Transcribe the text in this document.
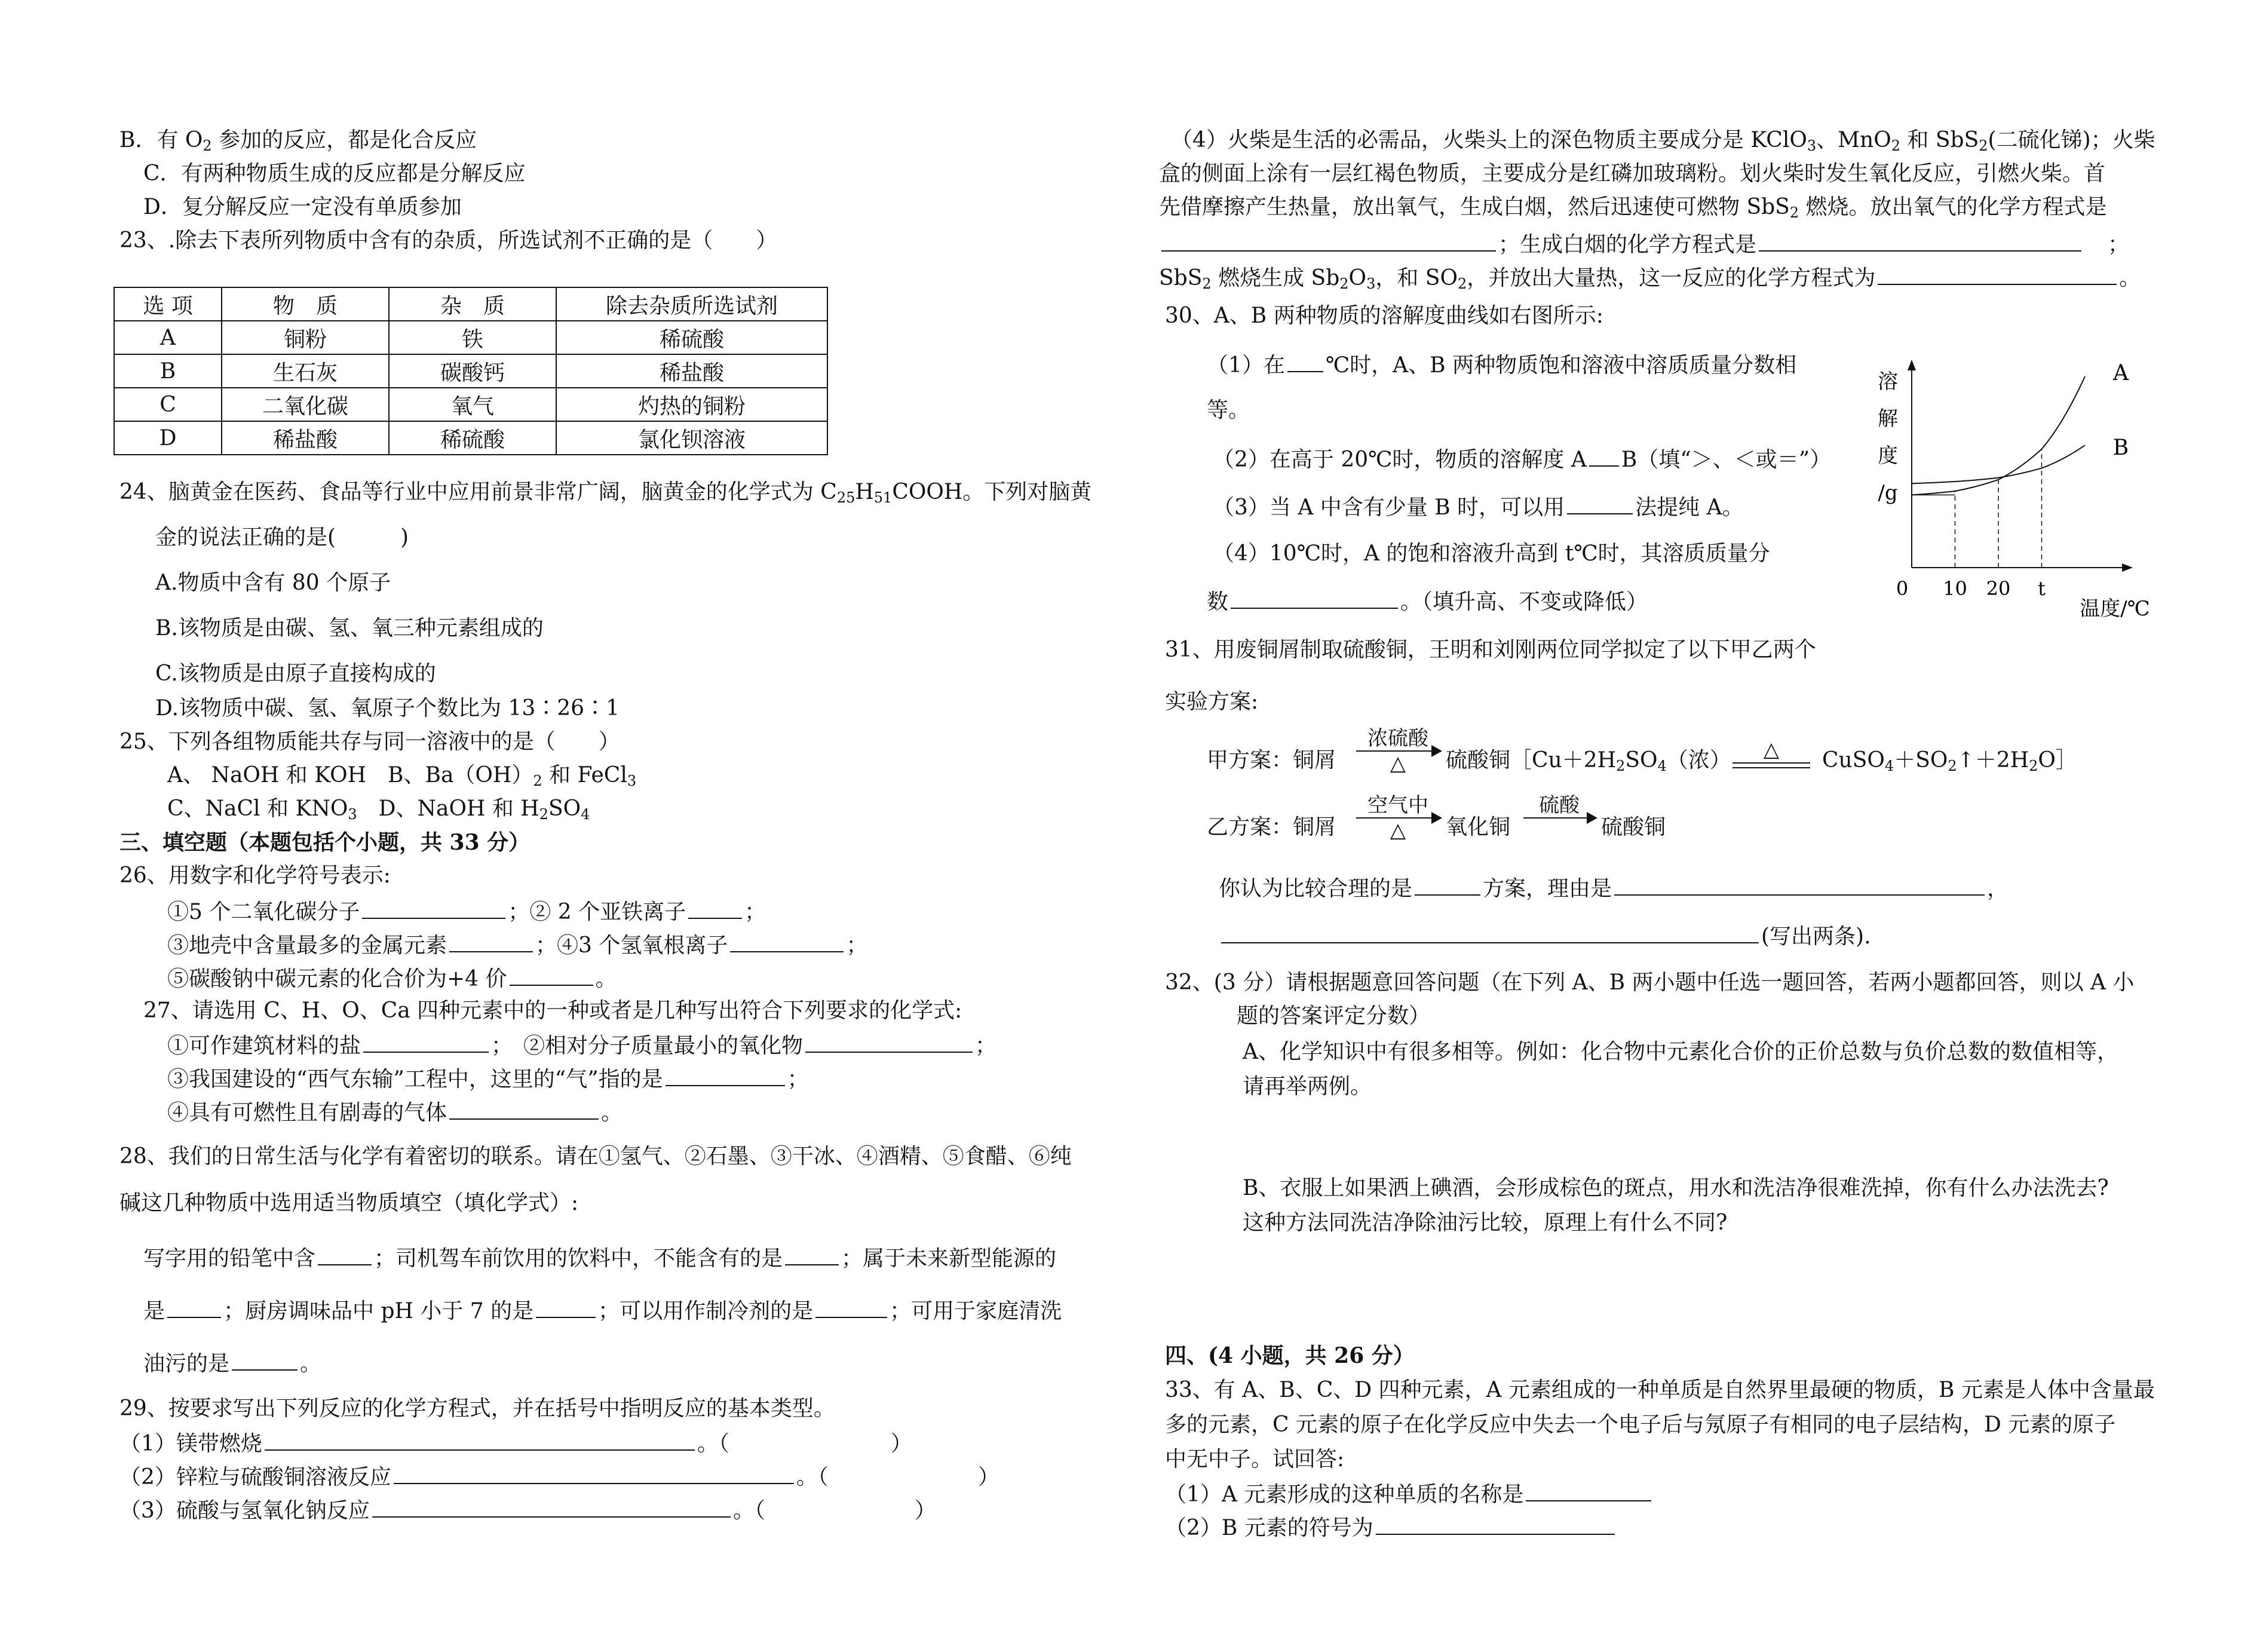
B．有 $O_2$ 参加的反应，都是化合反应
C．有两种物质生成的反应都是分解反应
D．复分解反应一定没有单质参加
23、.除去下表所列物质中含有的杂质，所选试剂不正确的是（　　）
选 项	物　质	杂　质	除去杂质所选试剂
A	铜粉	铁	稀硫酸
B	生石灰	碳酸钙	稀盐酸
C	二氧化碳	氧气	灼热的铜粉
D	稀盐酸	稀硫酸	氯化钡溶液
24、脑黄金在医药、食品等行业中应用前景非常广阔，脑黄金的化学式为 $C_{25}H_{51}COOH$。下列对脑黄
金的说法正确的是(　　　)
A.物质中含有 80 个原子
B.该物质是由碳、氢、氧三种元素组成的
C.该物质是由原子直接构成的
D.该物质中碳、氢、氧原子个数比为 13∶26∶1
25、下列各组物质能共存与同一溶液中的是（　　）
A、 NaOH 和 KOH　B、$Ba(OH)_2$ 和 FeCl$_3$
C、NaCl 和 $KNO_3$　D、NaOH 和 $H_2SO_4$
三、填空题（本题包括个小题，共 33 分）
26、用数字和化学符号表示:
①5 个二氧化碳分子	；② 2 个亚铁离子	；
③地壳中含量最多的金属元素	；④3 个氢氧根离子	；
⑤碳酸钠中碳元素的化合价为+4 价	。
27、请选用 C、H、O、Ca 四种元素中的一种或者是几种写出符合下列要求的化学式:
①可作建筑材料的盐	；　②相对分子质量最小的氧化物	；
③我国建设的“西气东输”工程中，这里的“气”指的是	；
④具有可燃性且有剧毒的气体	。
28、我们的日常生活与化学有着密切的联系。请在①氢气、②石墨、③干冰、④酒精、⑤食醋、⑥纯
碱这几种物质中选用适当物质填空（填化学式）:
写字用的铅笔中含	；司机驾车前饮用的饮料中，不能含有的是	；属于未来新型能源的
是	；厨房调味品中 pH 小于 7 的是	；可以用作制冷剂的是	；可用于家庭清洗
油污的是	。
29、按要求写出下列反应的化学方程式，并在括号中指明反应的基本类型。
（1）镁带燃烧	。（	）
（2）锌粒与硫酸铜溶液反应	。（	）
（3）硫酸与氢氧化钠反应	。（	）
（4）火柴是生活的必需品，火柴头上的深色物质主要成分是 KClO$_3$、MnO$_2$ 和 SbS$_2$(二硫化锑)；火柴
盒的侧面上涂有一层红褐色物质，主要成分是红磷加玻璃粉。划火柴时发生氧化反应，引燃火柴。首
先借摩擦产生热量，放出氧气，生成白烟，然后迅速使可燃物 SbS$_2$ 燃烧。放出氧气的化学方程式是
；生成白烟的化学方程式是	；
SbS$_2$ 燃烧生成 $Sb_2O_3$，和 $SO_2$，并放出大量热，这一反应的化学方程式为	。
30、A、B 两种物质的溶解度曲线如右图所示:
（1）在 ℃时，A、B 两种物质饱和溶液中溶质质量分数相
等。
（2）在高于 20℃时，物质的溶解度 A B（填“＞、＜或＝”）
（3）当 A 中含有少量 B 时，可以用	法提纯 A。
（4）10℃时，A 的饱和溶液升高到 t℃时，其溶质质量分
数	。（填升高、不变或降低）
溶
解
度
/g
A
B
0 10 20 t
温度/℃
31、用废铜屑制取硫酸铜，王明和刘刚两位同学拟定了以下甲乙两个
实验方案:
甲方案：铜屑
浓硫酸
△	硫酸铜$[Cu+2H_2SO_4$（浓）	△	$CuSO_4+SO_2↑+2H_2O]$
乙方案：铜屑
空气中
△	氧化铜
硫酸
硫酸铜
你认为比较合理的是	方案，理由是	，
(写出两条).
32、(3 分）请根据题意回答问题（在下列 A、B 两小题中任选一题回答，若两小题都回答，则以 A 小
题的答案评定分数）
A、化学知识中有很多相等。例如：化合物中元素化合价的正价总数与负价总数的数值相等，
请再举两例。
B、衣服上如果洒上碘酒，会形成棕色的斑点，用水和洗洁净很难洗掉，你有什么办法洗去?
这种方法同洗洁净除油污比较，原理上有什么不同?
四、(4 小题，共 26 分）
33、有 A、B、C、D 四种元素，A 元素组成的一种单质是自然界里最硬的物质，B 元素是人体中含量最
多的元素，C 元素的原子在化学反应中失去一个电子后与氖原子有相同的电子层结构，D 元素的原子
中无中子。试回答:
（1）A 元素形成的这种单质的名称是
（2）B 元素的符号为
